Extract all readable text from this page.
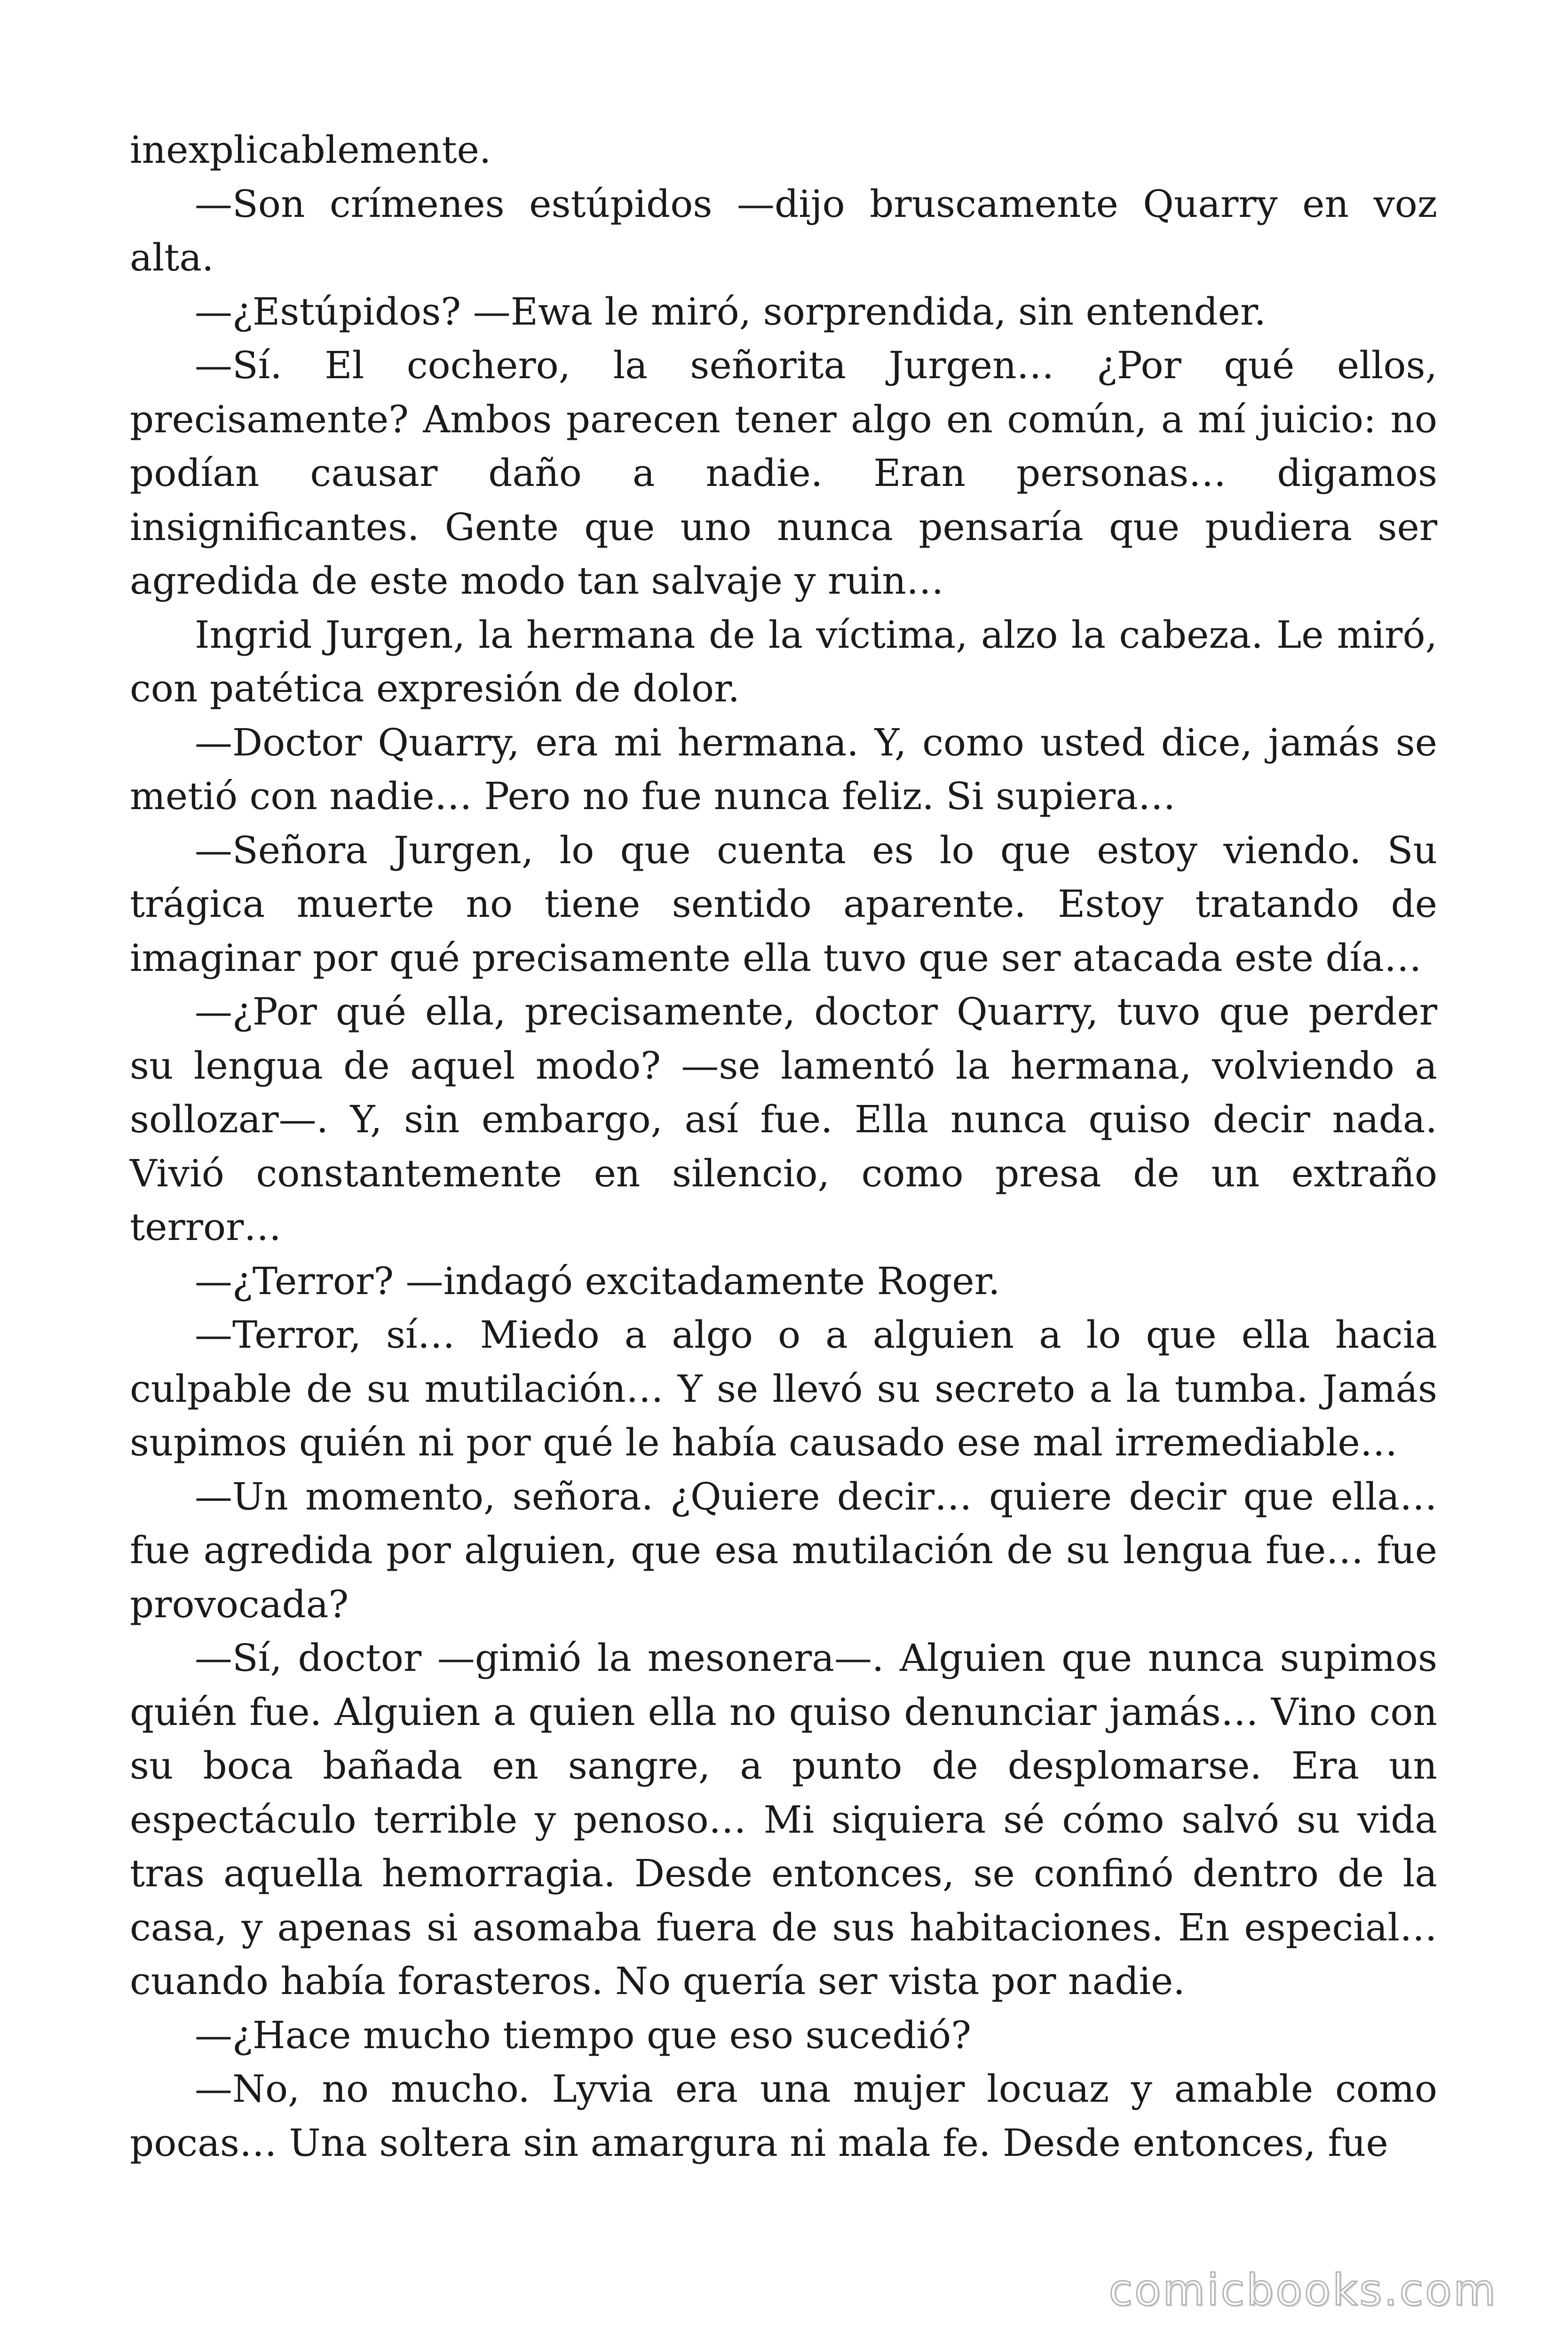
inexplicablemente.

—Son crímenes estúpidos —dijo bruscamente Quarry en voz alta.

—¿Estúpidos? —Ewa le miró, sorprendida, sin entender.

—Sí. El cochero, la señorita Jurgen… ¿Por qué ellos, precisamente? Ambos parecen tener algo en común, a mí juicio: no podían causar daño a nadie. Eran personas… digamos insignificantes. Gente que uno nunca pensaría que pudiera ser agredida de este modo tan salvaje y ruin…

Ingrid Jurgen, la hermana de la víctima, alzo la cabeza. Le miró, con patética expresión de dolor.

—Doctor Quarry, era mi hermana. Y, como usted dice, jamás se metió con nadie… Pero no fue nunca feliz. Si supiera…

—Señora Jurgen, lo que cuenta es lo que estoy viendo. Su trágica muerte no tiene sentido aparente. Estoy tratando de imaginar por qué precisamente ella tuvo que ser atacada este día…

—¿Por qué ella, precisamente, doctor Quarry, tuvo que perder su lengua de aquel modo? —se lamentó la hermana, volviendo a sollozar—. Y, sin embargo, así fue. Ella nunca quiso decir nada. Vivió constantemente en silencio, como presa de un extraño terror…

—¿Terror? —indagó excitadamente Roger.

—Terror, sí… Miedo a algo o a alguien a lo que ella hacia culpable de su mutilación… Y se llevó su secreto a la tumba. Jamás supimos quién ni por qué le había causado ese mal irremediable…

—Un momento, señora. ¿Quiere decir… quiere decir que ella… fue agredida por alguien, que esa mutilación de su lengua fue… fue provocada?

—Sí, doctor —gimió la mesonera—. Alguien que nunca supimos quién fue. Alguien a quien ella no quiso denunciar jamás… Vino con su boca bañada en sangre, a punto de desplomarse. Era un espectáculo terrible y penoso… Mi siquiera sé cómo salvó su vida tras aquella hemorragia. Desde entonces, se confinó dentro de la casa, y apenas si asomaba fuera de sus habitaciones. En especial… cuando había forasteros. No quería ser vista por nadie.

—¿Hace mucho tiempo que eso sucedió?

—No, no mucho. Lyvia era una mujer locuaz y amable como pocas… Una soltera sin amargura ni mala fe. Desde entonces, fue

comicbooks.com
